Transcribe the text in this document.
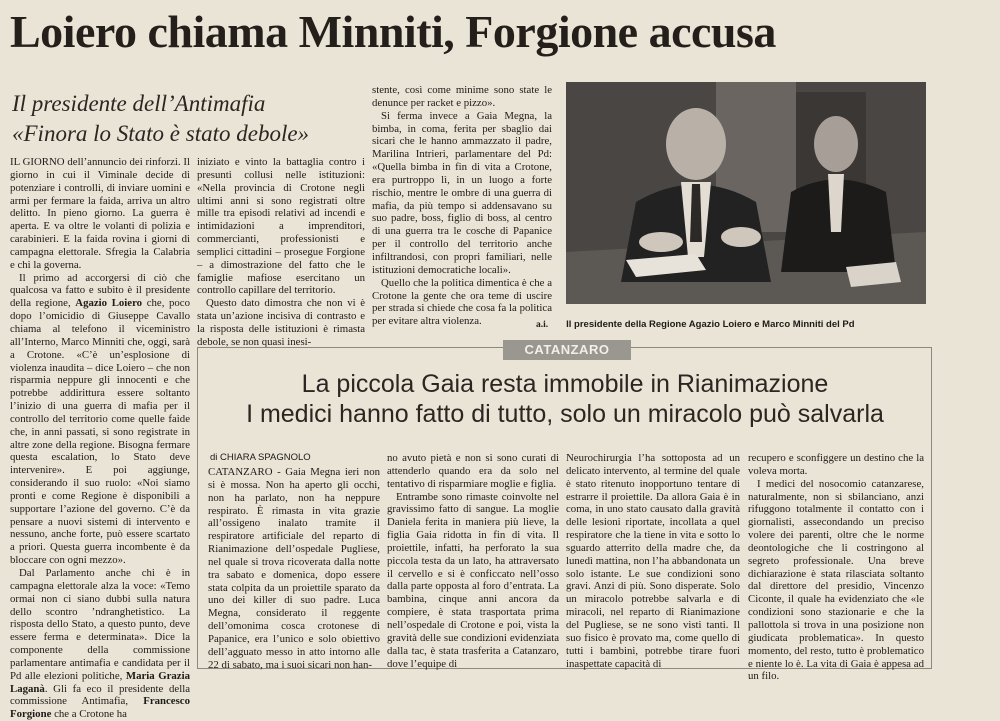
Loiero chiama Minniti, Forgione accusa
Il presidente dell’Antimafia
«Finora lo Stato è stato debole»

IL GIORNO dell’annuncio dei rinforzi. Il giorno in cui il Viminale decide di potenziare i controlli, di inviare uomini e armi per fermare la faida, arriva un altro delitto. In pieno giorno. La guerra è aperta. E va oltre le volanti di polizia e carabinieri. E la faida rovina i giorni di campagna elettorale. Sfregia la Calabria e chi la governa.

Il primo ad accorgersi di ciò che qualcosa va fatto e subito è il presidente della regione, Agazio Loiero che, poco dopo l’omicidio di Giuseppe Cavallo chiama al telefono il viceministro all’Interno, Marco Minniti che, oggi, sarà a Crotone. «C’è un’esplosione di violenza inaudita – dice Loiero – che non risparmia neppure gli innocenti e che potrebbe addirittura essere soltanto l’inizio di una guerra di mafia per il controllo del territorio come quelle faide che, in anni passati, si sono registrate in altre zone della regione. Bisogna fermare questa escalation, lo Stato deve intervenire». E poi aggiunge, considerando il suo ruolo: «Noi siamo pronti e come Regione è disponibili a supportare l’azione del governo. C’è da pensare a nuovi sistemi di intervento e nessuno, anche forte, può essere scartato a priori. Questa guerra incombente è da bloccare con ogni mezzo».

Dal Parlamento anche chi è in campagna elettorale alza la voce: «Temo ormai non ci siano dubbi sulla natura dello scontro ’ndranghetistico. La risposta dello Stato, a questo punto, deve essere ferma e determinata». Dice la componente della commissione parlamentare antimafia e candidata per il Pd alle elezioni politiche, Maria Grazia Laganà. Gli fa eco il presidente della commissione Antimafia, Francesco Forgione che a Crotone ha

iniziato e vinto la battaglia contro i presunti collusi nelle istituzioni: «Nella provincia di Crotone negli ultimi anni si sono registrati oltre mille tra episodi relativi ad incendi e intimidazioni a imprenditori, commercianti, professionisti e semplici cittadini – prosegue Forgione – a dimostrazione del fatto che le famiglie mafiose esercitano un controllo capillare del territorio.

Questo dato dimostra che non vi è stata un’azione incisiva di contrasto e la risposta delle istituzioni è rimasta debole, se non quasi inesi-

stente, così come minime sono state le denunce per racket e pizzo».

Si ferma invece a Gaia Megna, la bimba, in coma, ferita per sbaglio dai sicari che le hanno ammazzato il padre, Marilina Intrieri, parlamentare del Pd: «Quella bimba in fin di vita a Crotone, era purtroppo lì, in un luogo a forte rischio, mentre le ombre di una guerra di mafia, da più tempo si addensavano su suo padre, boss, figlio di boss, al centro di una guerra tra le cosche di Papanice per il controllo del territorio anche infiltrandosi, con propri familiari, nelle istituzioni democratiche locali».

Quello che la politica dimentica è che a Crotone la gente che ora teme di uscire per strada si chiede che cosa fa la politica per evitare altra violenza.	a.i. Il presidente della Regione Agazio Loiero e Marco Minniti del Pd
CATANZARO
La piccola Gaia resta immobile in Rianimazione
I medici hanno fatto di tutto, solo un miracolo può salvarla
di CHIARA SPAGNOLO

CATANZARO - Gaia Megna ieri non si è mossa. Non ha aperto gli occhi, non ha parlato, non ha neppure respirato. È rimasta in vita grazie all’ossigeno inalato tramite il respiratore artificiale del reparto di Rianimazione dell’ospedale Pugliese, nel quale si trova ricoverata dalla notte tra sabato e domenica, dopo essere stata colpita da un proiettile sparato da uno dei killer di suo padre. Luca Megna, considerato il reggente dell’omonima cosca crotonese di Papanice, era l’unico e solo obiettivo dell’agguato messo in atto intorno alle 22 di sabato, ma i suoi sicari non han-

no avuto pietà e non si sono curati di attenderlo quando era da solo nel tentativo di risparmiare moglie e figlia.

Entrambe sono rimaste coinvolte nel gravissimo fatto di sangue. La moglie Daniela ferita in maniera più lieve, la figlia Gaia ridotta in fin di vita. Il proiettile, infatti, ha perforato la sua piccola testa da un lato, ha attraversato il cervello e si è conficcato nell’osso dalla parte opposta al foro d’entrata. La bambina, cinque anni ancora da compiere, è stata trasportata prima nell’ospedale di Crotone e poi, vista la gravità delle sue condizioni evidenziata dalla tac, è stata trasferita a Catanzaro, dove l’equipe di

Neurochirurgia l’ha sottoposta ad un delicato intervento, al termine del quale è stato ritenuto inopportuno tentare di estrarre il proiettile. Da allora Gaia è in coma, in uno stato causato dalla gravità delle lesioni riportate, incollata a quel respiratore che la tiene in vita e sotto lo sguardo atterrito della madre che, da lunedì mattina, non l’ha abbandonata un solo istante. Le sue condizioni sono gravi. Anzi di più. Sono disperate. Solo un miracolo potrebbe salvarla e di miracoli, nel reparto di Rianimazione del Pugliese, se ne sono visti tanti. Il suo fisico è provato ma, come quello di tutti i bambini, potrebbe tirare fuori inaspettate capacità di

recupero e sconfiggere un destino che la voleva morta.

I medici del nosocomio catanzarese, naturalmente, non si sbilanciano, anzi rifuggono totalmente il contatto con i giornalisti, assecondando un preciso volere dei parenti, oltre che le norme deontologiche che li costringono al segreto professionale. Una breve dichiarazione è stata rilasciata soltanto dal direttore del presidio, Vincenzo Ciconte, il quale ha evidenziato che «le condizioni sono stazionarie e che la pallottola si trova in una posizione non giudicata problematica». In questo momento, del resto, tutto è problematico e niente lo è. La vita di Gaia è appesa ad un filo.
